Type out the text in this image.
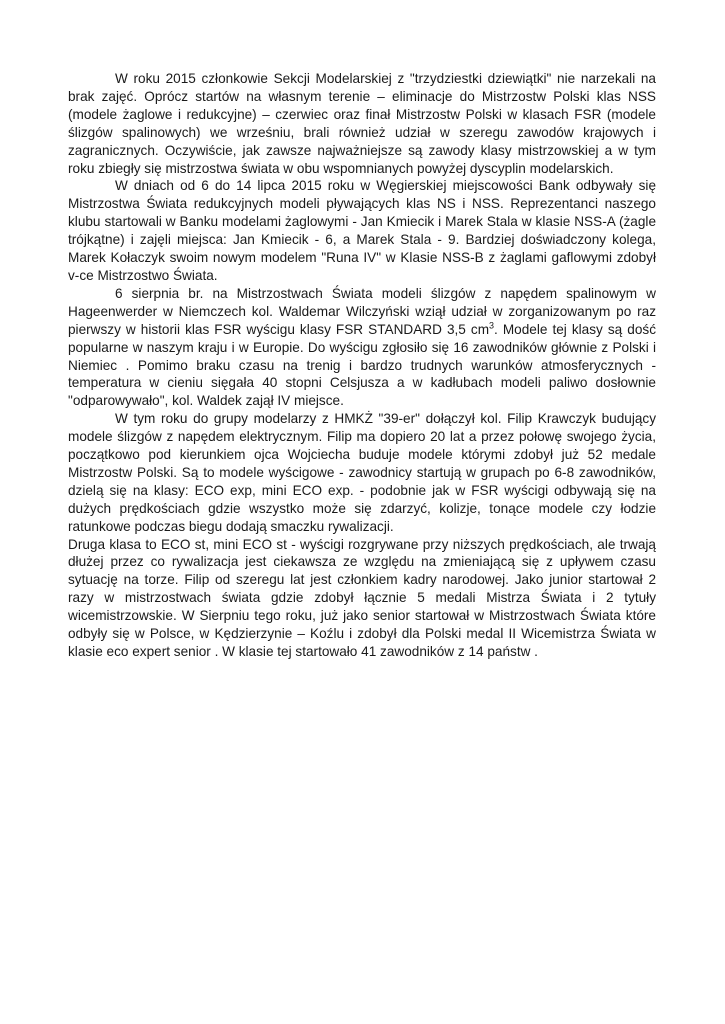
W roku 2015 członkowie Sekcji Modelarskiej z "trzydziestki dziewiątki" nie narzekali na brak zajęć. Oprócz startów na własnym terenie – eliminacje do Mistrzostw Polski klas NSS (modele żaglowe i redukcyjne) – czerwiec oraz finał Mistrzostw Polski w klasach FSR (modele ślizgów spalinowych) we wrześniu, brali również udział w szeregu zawodów krajowych i zagranicznych. Oczywiście, jak zawsze najważniejsze są zawody klasy mistrzowskiej a w tym roku zbiegły się mistrzostwa świata w obu wspomnianych powyżej dyscyplin modelarskich.

W dniach od 6 do 14 lipca 2015 roku w Węgierskiej miejscowości Bank odbywały się Mistrzostwa Świata redukcyjnych modeli pływających klas NS i NSS. Reprezentanci naszego klubu startowali w Banku modelami żaglowymi - Jan Kmiecik i Marek Stala w klasie NSS-A (żagle trójkątne) i zajęli miejsca: Jan Kmiecik - 6, a Marek Stala - 9. Bardziej doświadczony kolega, Marek Kołaczyk swoim nowym modelem "Runa IV" w Klasie NSS-B z żaglami gaflowymi zdobył v-ce Mistrzostwo Świata.

6 sierpnia br. na Mistrzostwach Świata modeli ślizgów z napędem spalinowym w Hageenwerder w Niemczech kol. Waldemar Wilczyński wziął udział w zorganizowanym po raz pierwszy w historii klas FSR wyścigu klasy FSR STANDARD 3,5 $cm^3$. Modele tej klasy są dość popularne w naszym kraju i w Europie. Do wyścigu zgłosiło się 16 zawodników głównie z Polski i Niemiec . Pomimo braku czasu na trenig i bardzo trudnych warunków atmosferycznych - temperatura w cieniu sięgała 40 stopni Celsjusza a w kadłubach modeli paliwo dosłownie "odparowywało", kol. Waldek zajął IV miejsce.

W tym roku do grupy modelarzy z HMKŻ "39-er" dołączył kol. Filip Krawczyk budujący modele ślizgów z napędem elektrycznym. Filip ma dopiero 20 lat a przez połowę swojego życia, początkowo pod kierunkiem ojca Wojciecha buduje modele którymi zdobył już 52 medale Mistrzostw Polski. Są to modele wyścigowe - zawodnicy startują w grupach po 6-8 zawodników, dzielą się na klasy: ECO exp, mini ECO exp. - podobnie jak w FSR wyścigi odbywają się na dużych prędkościach gdzie wszystko może się zdarzyć, kolizje, tonące modele czy łodzie ratunkowe podczas biegu dodają smaczku rywalizacji.

Druga klasa to ECO st, mini ECO st - wyścigi rozgrywane przy niższych prędkościach, ale trwają dłużej przez co rywalizacja jest ciekawsza ze względu na zmieniającą się z upływem czasu sytuację na torze. Filip od szeregu lat jest członkiem kadry narodowej. Jako junior startował 2 razy w mistrzostwach świata gdzie zdobył łącznie 5 medali Mistrza Świata i 2 tytuły wicemistrzowskie. W Sierpniu tego roku, już jako senior startował w Mistrzostwach Świata które odbyły się w Polsce, w Kędzierzynie – Koźlu i zdobył dla Polski medal II Wicemistrza Świata w klasie eco expert senior . W klasie tej startowało 41 zawodników z 14 państw .
